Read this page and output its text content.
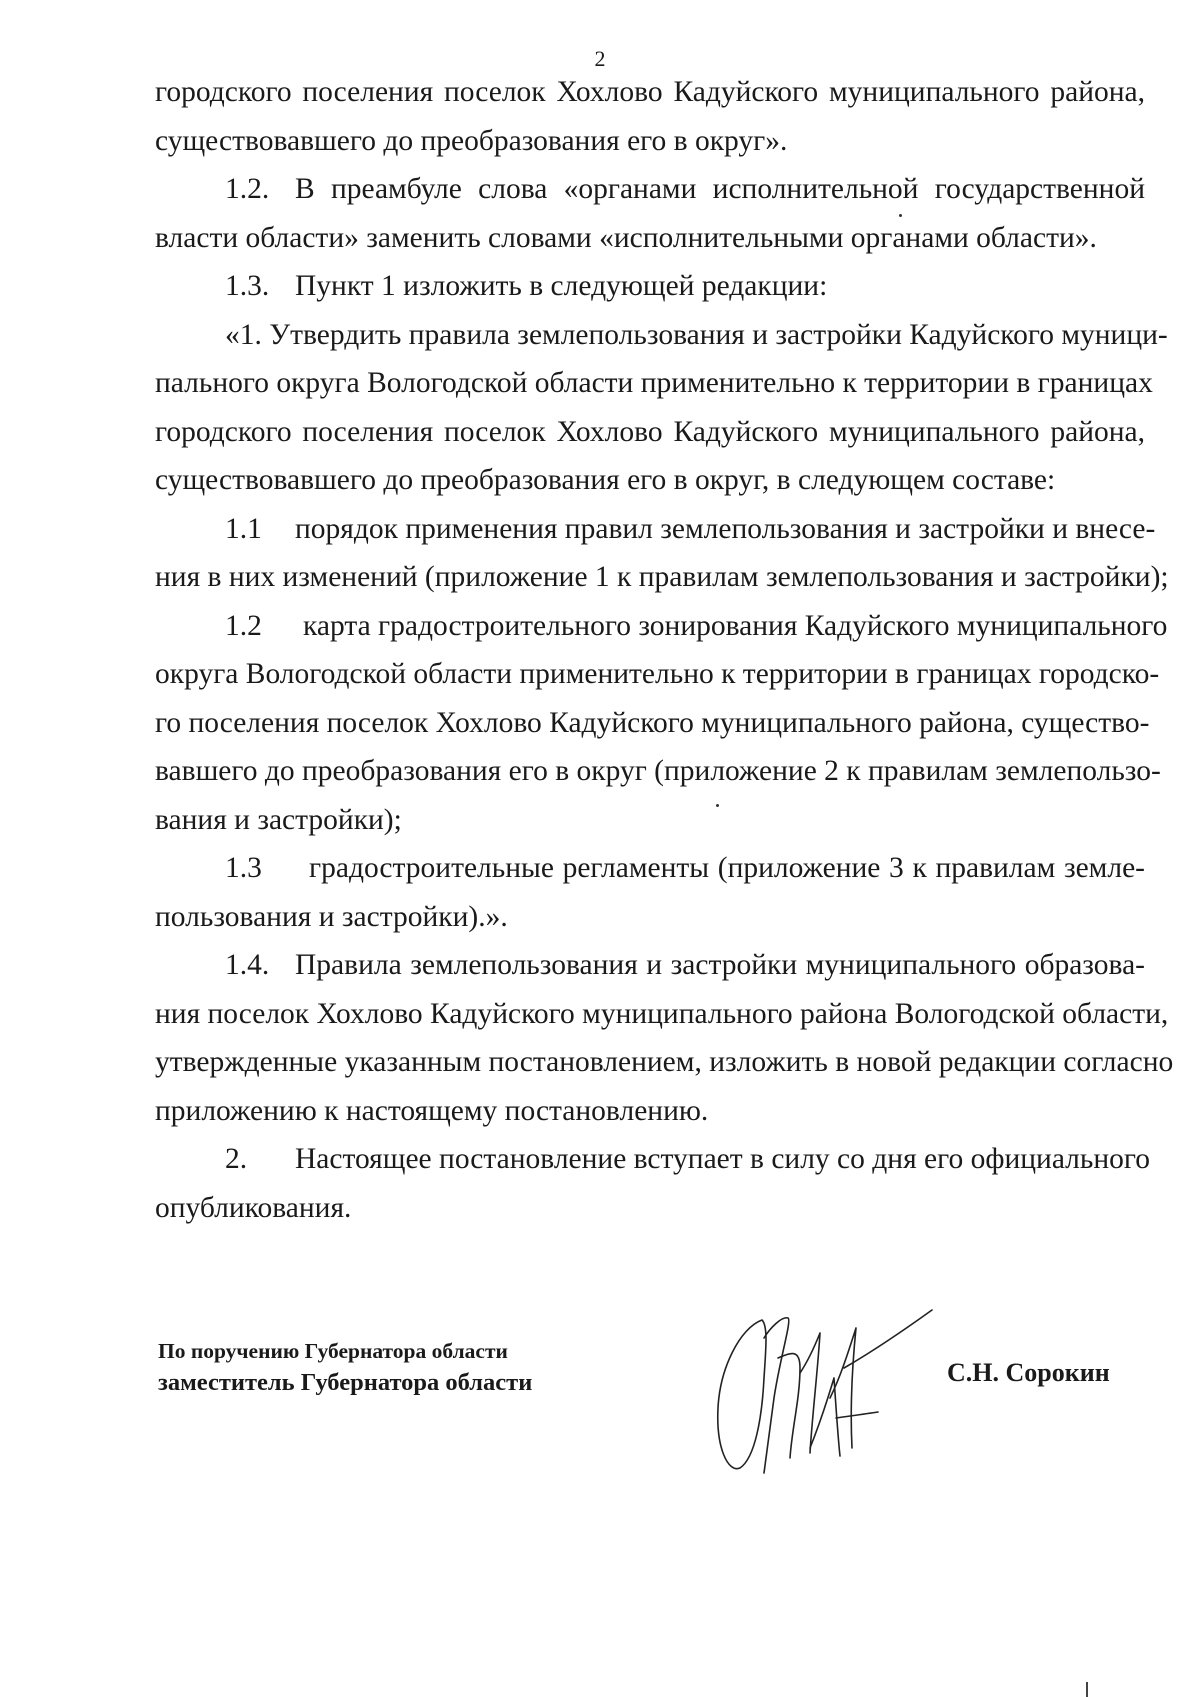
2
городского поселения поселок Хохлово Кадуйского муниципального района,
существовавшего до преобразования его в округ».
1.2. В преамбуле слова «органами исполнительной государственной
власти области» заменить словами «исполнительными органами области».
1.3. Пункт 1 изложить в следующей редакции:
«1. Утвердить правила землепользования и застройки Кадуйского муници-
пального округа Вологодской области применительно к территории в границах
городского поселения поселок Хохлово Кадуйского муниципального района,
существовавшего до преобразования его в округ, в следующем составе:
1.1 порядок применения правил землепользования и застройки и внесе-
ния в них изменений (приложение 1 к правилам землепользования и застройки);
1.2 карта градостроительного зонирования Кадуйского муниципального
округа Вологодской области применительно к территории в границах городско-
го поселения поселок Хохлово Кадуйского муниципального района, существо-
вавшего до преобразования его в округ (приложение 2 к правилам землепользо-
вания и застройки);
1.3 градостроительные регламенты (приложение 3 к правилам земле-
пользования и застройки).».
1.4. Правила землепользования и застройки муниципального образова-
ния поселок Хохлово Кадуйского муниципального района Вологодской области,
утвержденные указанным постановлением, изложить в новой редакции согласно
приложению к настоящему постановлению.
2. Настоящее постановление вступает в силу со дня его официального
опубликования.
По поручению Губернатора области
заместитель Губернатора области	С.Н. Сорокин
